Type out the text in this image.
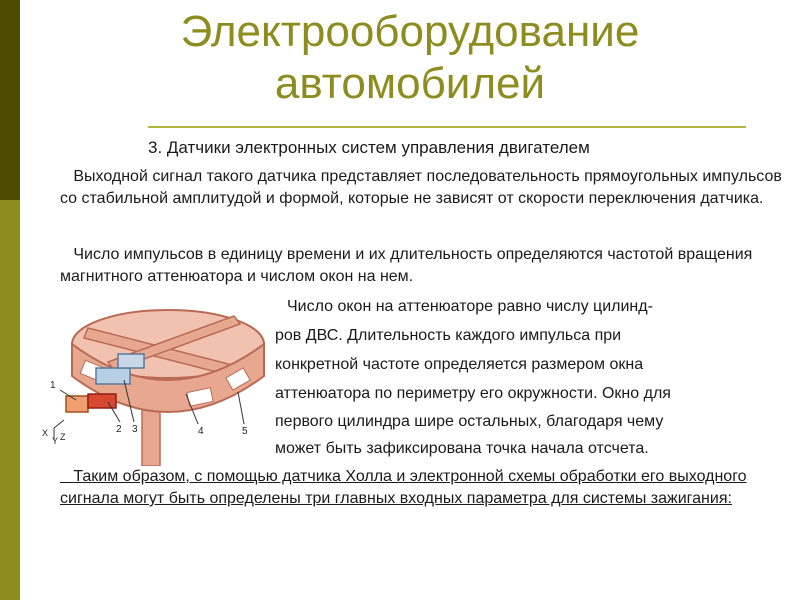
Электрооборудование
автомобилей
3. Датчики электронных систем управления двигателем

Выходной сигнал такого датчика представляет последовательность прямоугольных импульсов со стабильной амплитудой и формой, которые не зависят от скорости переключения датчика.

Число импульсов в единицу времени и их длительность определяются частотой вращения магнитного аттенюатора и числом окон на нем.

Число окон на аттенюаторе равно числу цилинд-
ров ДВС. Длительность каждого импульса при
конкретной частоте определяется размером окна
аттенюатора по периметру его окружности. Окно для
первого цилиндра шире остальных, благодаря чему
может быть зафиксирована точка начала отсчета.
1
2 3	4	5
X
Y Z

Таким образом, с помощью датчика Холла и электронной схемы обработки его выходного сигнала могут быть определены три главных входных параметра для системы зажигания:
